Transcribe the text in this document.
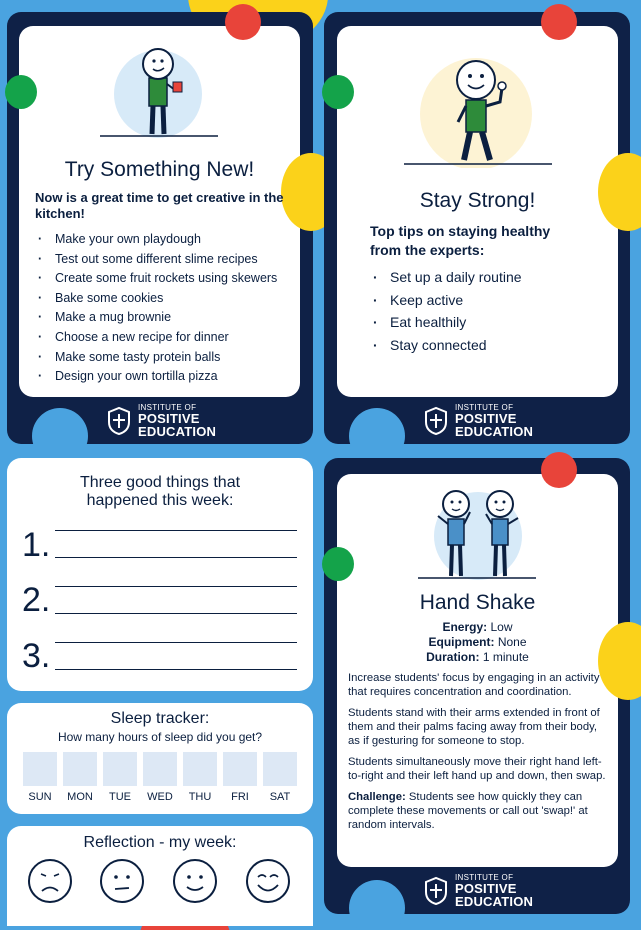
Try Something New!
Now is a great time to get creative in the kitchen!
· Make your own playdough
· Test out some different slime recipes
· Create some fruit rockets using skewers
· Bake some cookies
· Make a mug brownie
· Choose a new recipe for dinner
· Make some tasty protein balls
· Design your own tortilla pizza
INSTITUTE OF
POSITIVE
EDUCATION
Stay Strong!
Top tips on staying healthy from the experts:
· Set up a daily routine
· Keep active
· Eat healthily
· Stay connected
INSTITUTE OF
POSITIVE
EDUCATION
Three good things that happened this week:
1.
2.
3.
Sleep tracker:
How many hours of sleep did you get?
SUN	MON	TUE	WED	THU	FRI	SAT
Reflection - my week:
Hand Shake
Energy: Low
Equipment: None
Duration: 1 minute

Increase students' focus by engaging in an activity that requires concentration and coordination.

Students stand with their arms extended in front of them and their palms facing away from their body, as if gesturing for someone to stop.

Students simultaneously move their right hand left-to-right and their left hand up and down, then swap.

Challenge: Students see how quickly they can complete these movements or call out 'swap!' at random intervals.

INSTITUTE OF
POSITIVE
EDUCATION
